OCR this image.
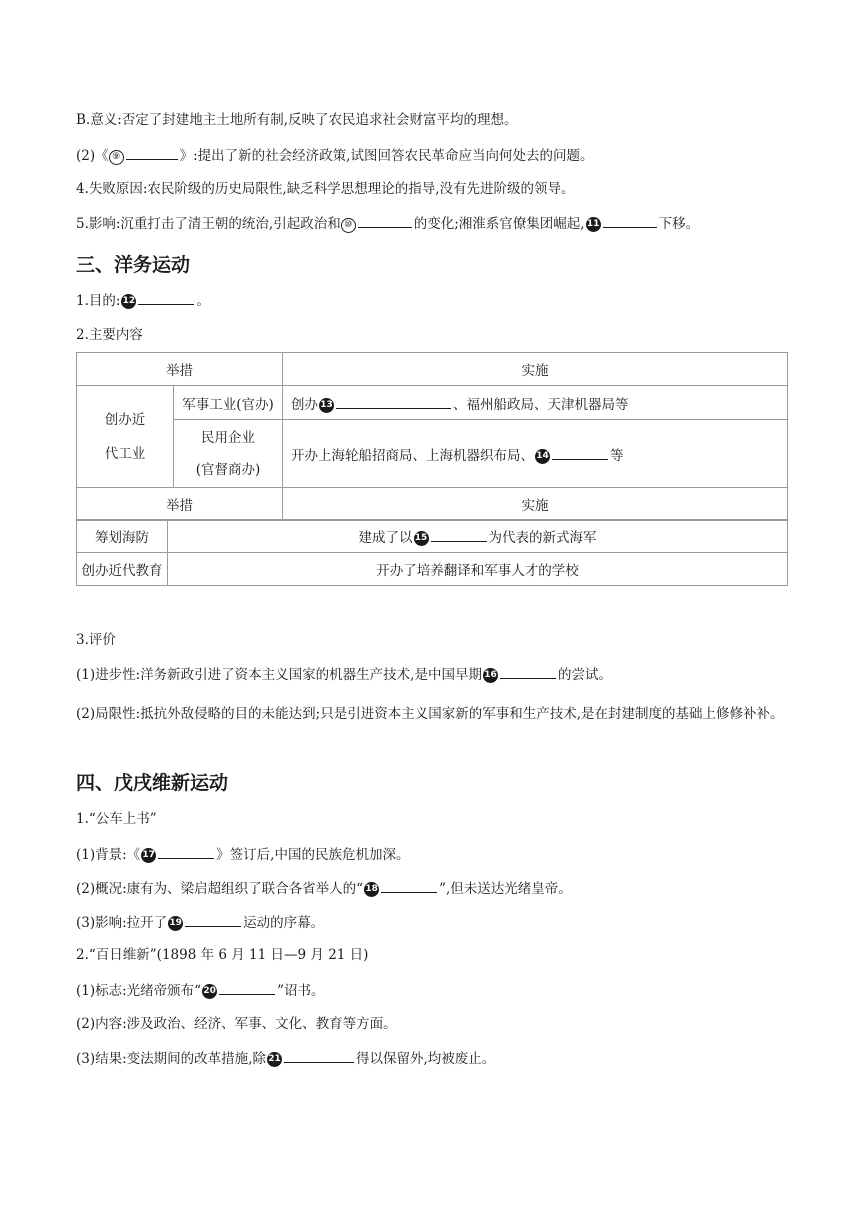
B.意义:否定了封建地主土地所有制,反映了农民追求社会财富平均的理想。

(2)《 ⑨	》:提出了新的社会经济政策,试图回答农民革命应当向何处去的问题。

4.失败原因:农民阶级的历史局限性,缺乏科学思想理论的指导,没有先进阶级的领导。

5.影响:沉重打击了清王朝的统治,引起政治和 ⑩	的变化;湘淮系官僚集团崛起, 11	下移。

三、洋务运动

1.目的: 12	。

2.主要内容

举措		实施

创办近
代工业	军事工业(官办)	创办 13 、福州船政局、天津机器局等

	民用企业
(官督商办)	开办上海轮船招商局、上海机器织布局、 14 等
举措		实施
筹划海防	建成了以 15 为代表的新式海军
创办近代教育	开办了培养翻译和军事人才的学校

3.评价

(1)进步性:洋务新政引进了资本主义国家的机器生产技术,是中国早期 16	的尝试。

(2)局限性:抵抗外敌侵略的目的未能达到;只是引进资本主义国家新的军事和生产技术,是在封建制度的基础上修修补补。

四、戊戌维新运动

1.“公车上书”

(1)背景:《 17	》签订后,中国的民族危机加深。

(2)概况:康有为、梁启超组织了联合各省举人的“ 18	”,但未送达光绪皇帝。

(3)影响:拉开了 19	运动的序幕。

2.“百日维新”(1898 年 6 月 11 日—9 月 21 日)

(1)标志:光绪帝颁布“ 20	”诏书。

(2)内容:涉及政治、经济、军事、文化、教育等方面。

(3)结果:变法期间的改革措施,除 21	得以保留外,均被废止。
